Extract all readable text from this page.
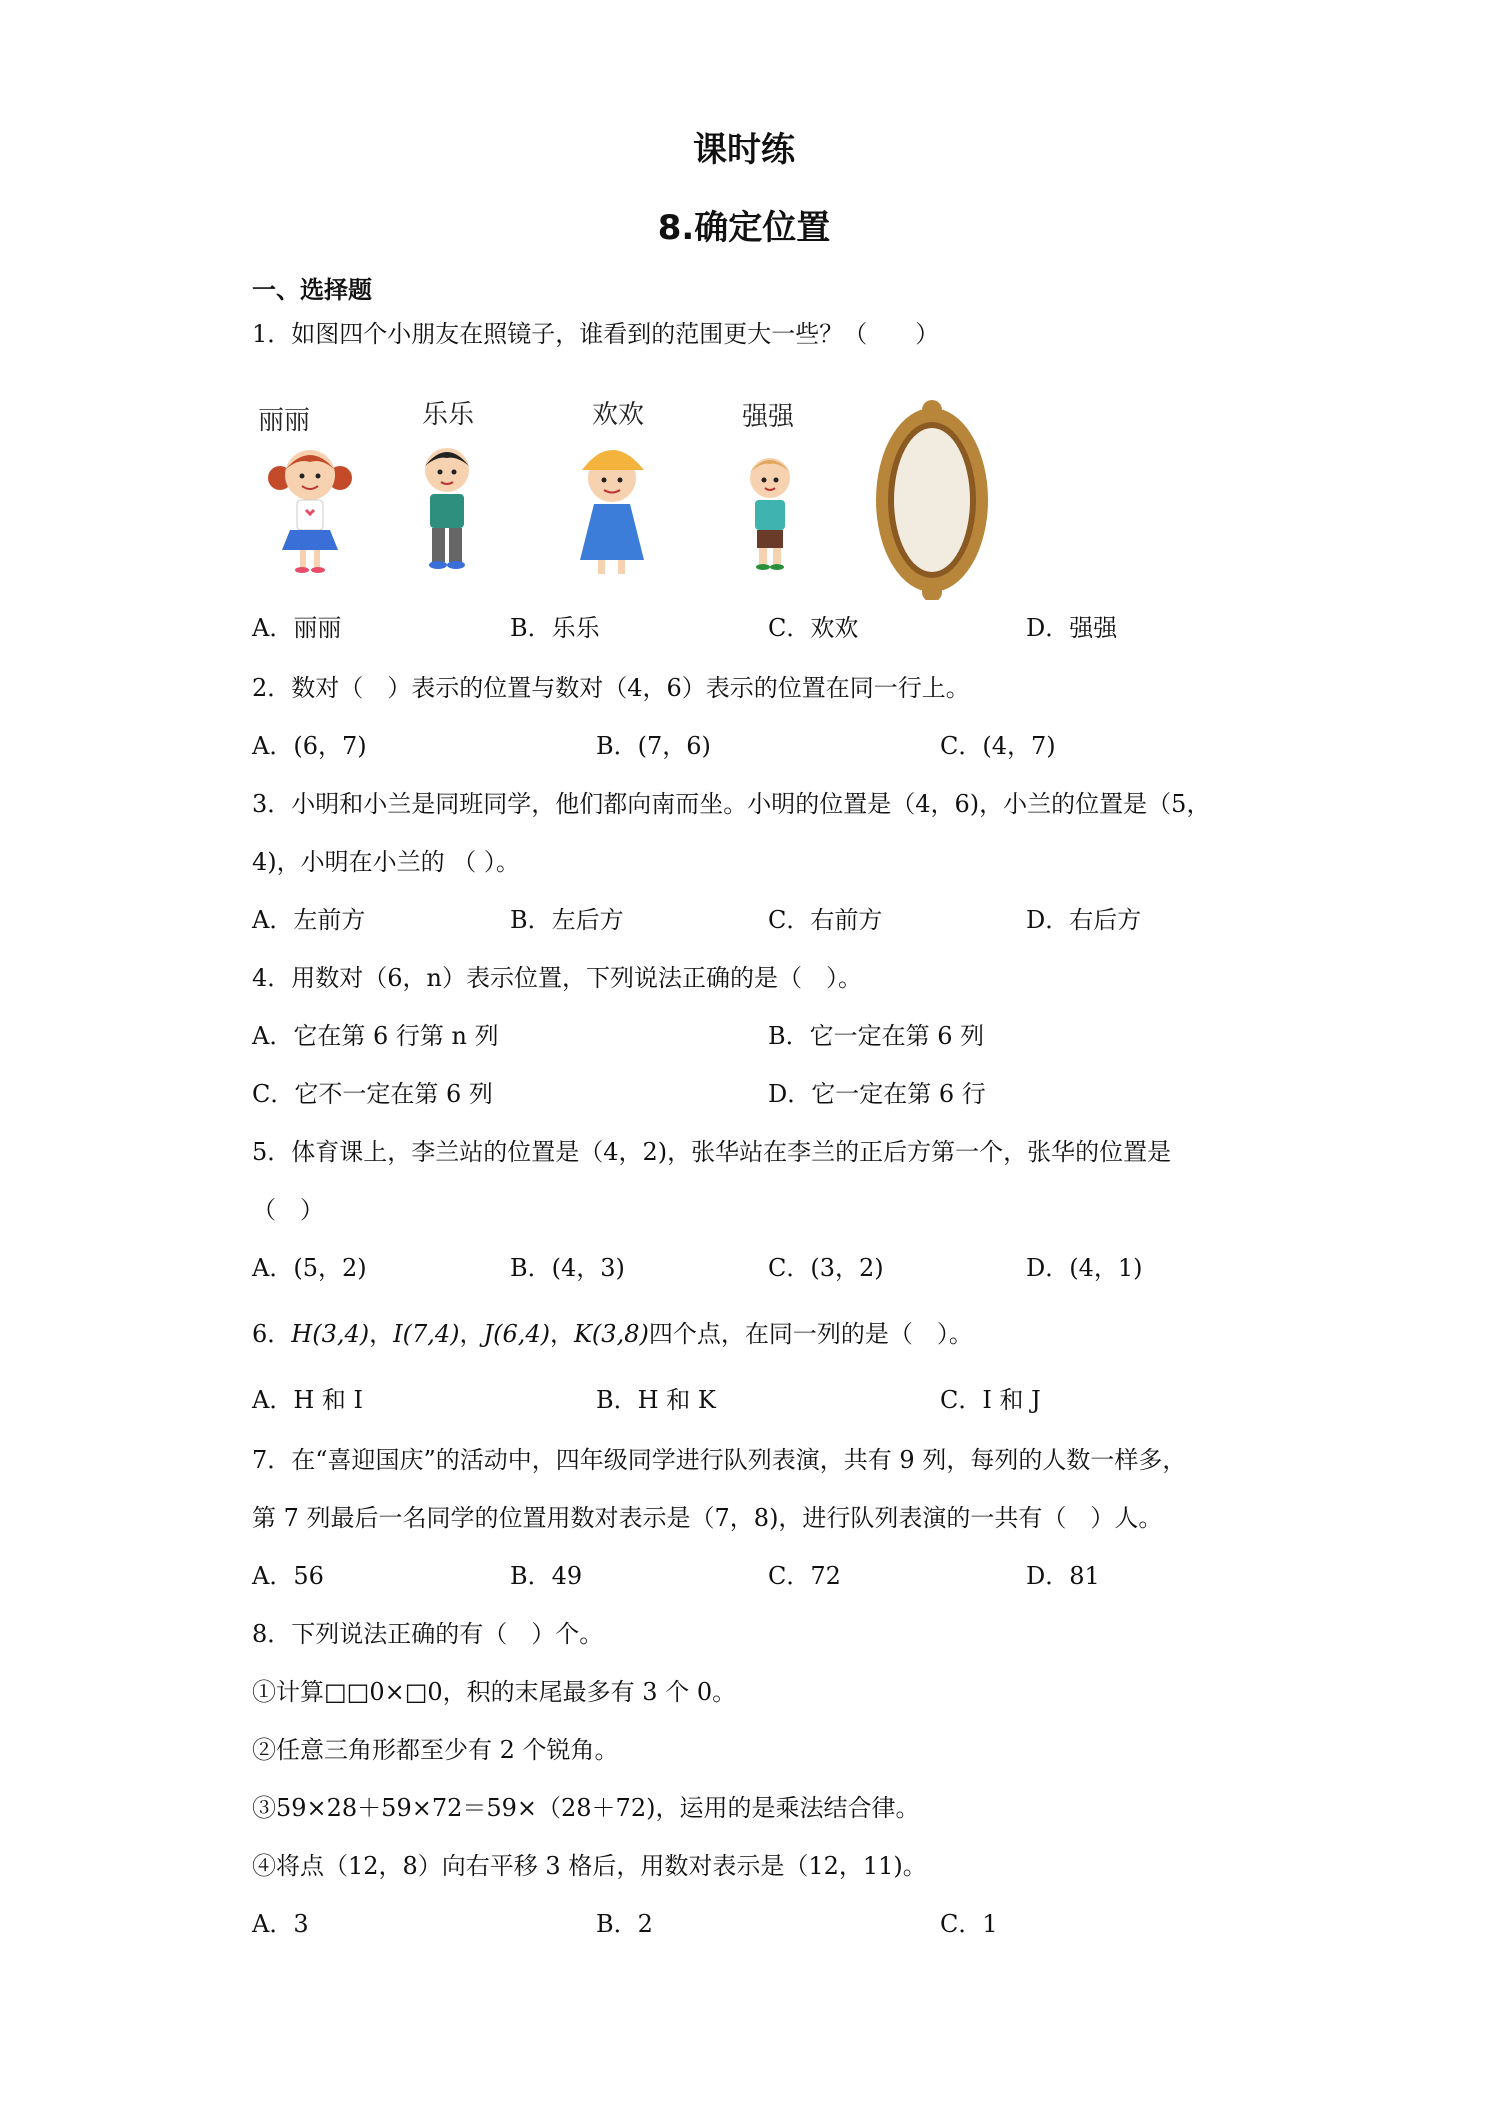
课时练
8.确定位置
一、选择题
1．如图四个小朋友在照镜子，谁看到的范围更大一些？（　　）
丽丽	乐乐	欢欢	强强
A．丽丽	B．乐乐	C．欢欢	D．强强
2．数对（　）表示的位置与数对（4，6）表示的位置在同一行上。
A．(6，7)	B．(7，6)	C．(4，7)
3．小明和小兰是同班同学，他们都向南而坐。小明的位置是（4，6)，小兰的位置是（5，
4)，小明在小兰的 （ ）。
A．左前方	B．左后方	C．右前方	D．右后方
4．用数对（6，n）表示位置，下列说法正确的是（　）。
A．它在第 6 行第 n 列	B．它一定在第 6 列
C．它不一定在第 6 列	D．它一定在第 6 行
5．体育课上，李兰站的位置是（4，2)，张华站在李兰的正后方第一个，张华的位置是
（　）
A．(5，2)	B．(4，3)	C．(3，2)	D．(4，1)
6．H(3,4)，I(7,4)，J(6,4)，K(3,8)四个点，在同一列的是（　）。
A．H 和 I	B．H 和 K	C．I 和 J
7．在“喜迎国庆”的活动中，四年级同学进行队列表演，共有 9 列，每列的人数一样多，
第 7 列最后一名同学的位置用数对表示是（7，8)，进行队列表演的一共有（　）人。
A．56	B．49	C．72	D．81
8．下列说法正确的有（　）个。
①计算□□0×□0，积的末尾最多有 3 个 0。
②任意三角形都至少有 2 个锐角。
③59×28＋59×72＝59×（28＋72)，运用的是乘法结合律。
④将点（12，8）向右平移 3 格后，用数对表示是（12，11)。
A．3	B．2	C．1
